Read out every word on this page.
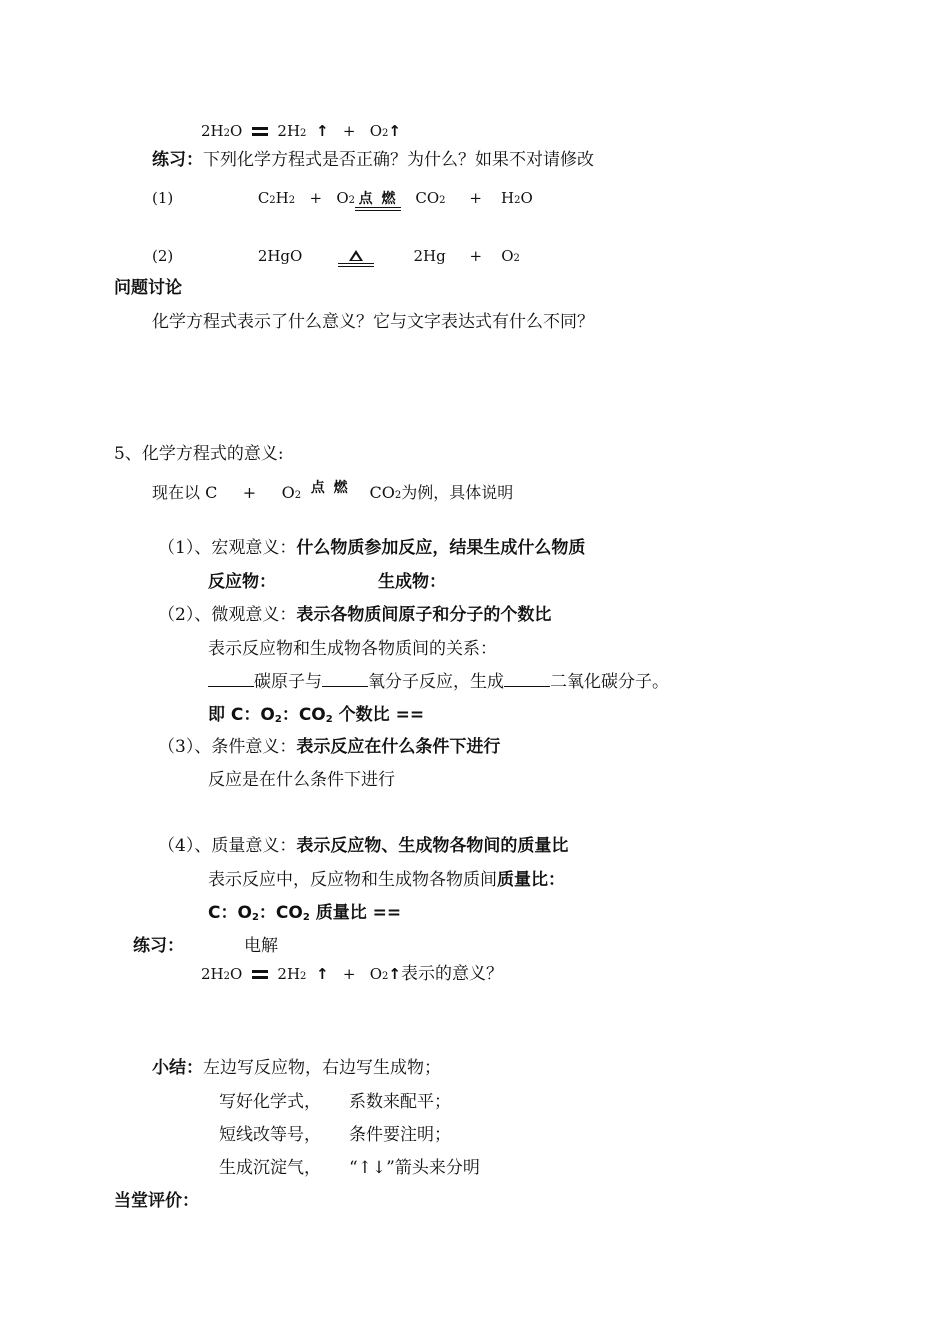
2H2O 2H2 ↑ + O2↑
练习：下列化学方程式是否正确？为什么？如果不对请修改
(1)	C2H2 + O2 点 燃 CO2 + H2O
(2)	2HgO	2Hg + O2
问题讨论
化学方程式表示了什么意义？它与文字表达式有什么不同？
5、化学方程式的意义:
现在以 C + O2 点 燃 CO2为例，具体说明
（1）、宏观意义：什么物质参加反应，结果生成什么物质
反应物：	生成物：
（2）、微观意义：表示各物质间原子和分子的个数比
表示反应物和生成物各物质间的关系：
碳原子与	氧分子反应，生成	二氧化碳分子。
即 C：$O_2$：$CO_2$ 个数比 ==
（3）、条件意义：表示反应在什么条件下进行
反应是在什么条件下进行
（4）、质量意义：表示反应物、生成物各物间的质量比
表示反应中，反应物和生成物各物质间质量比：
C：$O_2$：$CO_2$ 质量比 ==
练习：	电解
2H2O 2H2 ↑ + O2↑表示的意义？
小结：左边写反应物，右边写生成物；
写好化学式， 系数来配平；
短线改等号， 条件要注明；
生成沉淀气， “↑↓”箭头来分明
当堂评价：
